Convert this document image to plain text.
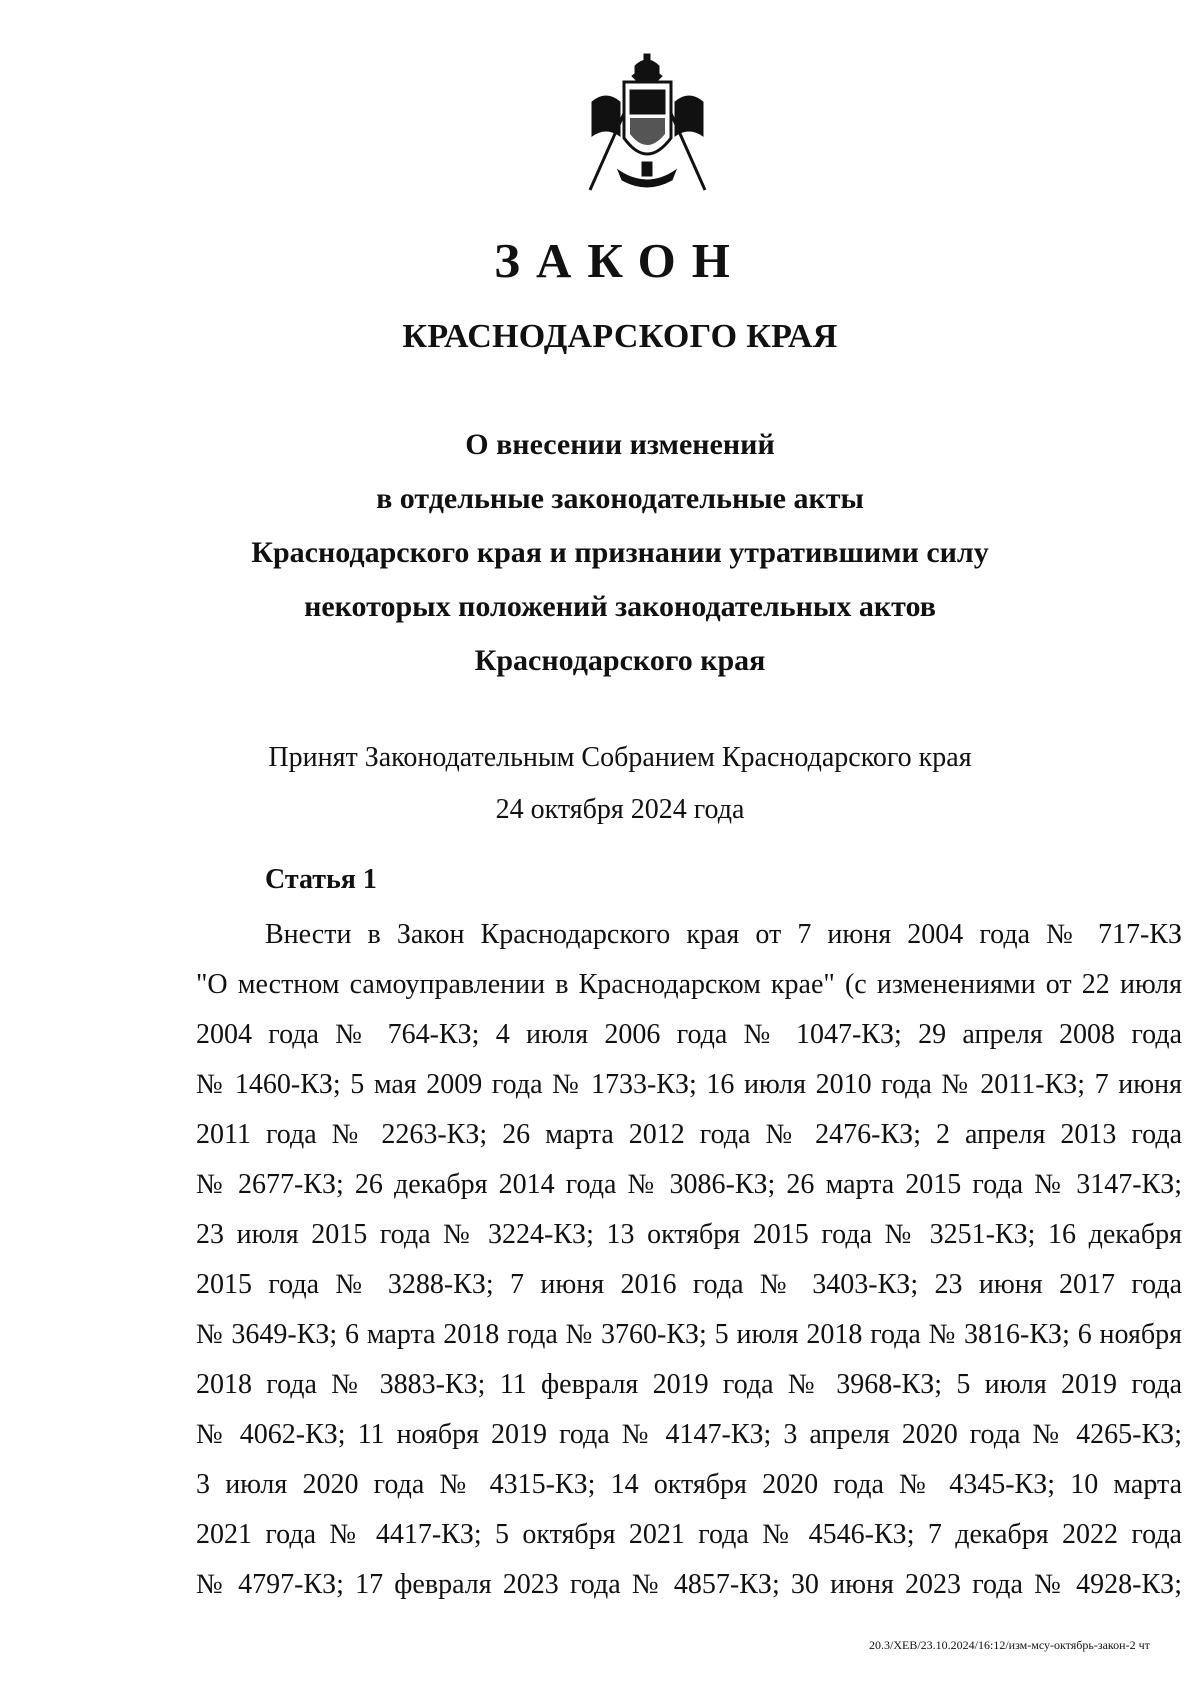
ЗАКОН
КРАСНОДАРСКОГО КРАЯ
О внесении изменений
в отдельные законодательные акты
Краснодарского края и признании утратившими силу
некоторых положений законодательных актов
Краснодарского края
Принят Законодательным Собранием Краснодарского края
24 октября 2024 года
Статья 1
Внести в Закон Краснодарского края от 7 июня 2004 года № 717-КЗ
"О местном самоуправлении в Краснодарском крае" (с изменениями от 22 июля
2004 года № 764-КЗ; 4 июля 2006 года № 1047-КЗ; 29 апреля 2008 года
№ 1460-КЗ; 5 мая 2009 года № 1733-КЗ; 16 июля 2010 года № 2011-КЗ; 7 июня
2011 года № 2263-КЗ; 26 марта 2012 года № 2476-КЗ; 2 апреля 2013 года
№ 2677-КЗ; 26 декабря 2014 года № 3086-КЗ; 26 марта 2015 года № 3147-КЗ;
23 июля 2015 года № 3224-КЗ; 13 октября 2015 года № 3251-КЗ; 16 декабря
2015 года № 3288-КЗ; 7 июня 2016 года № 3403-КЗ; 23 июня 2017 года
№ 3649-КЗ; 6 марта 2018 года № 3760-КЗ; 5 июля 2018 года № 3816-КЗ; 6 ноября
2018 года № 3883-КЗ; 11 февраля 2019 года № 3968-КЗ; 5 июля 2019 года
№ 4062-КЗ; 11 ноября 2019 года № 4147-КЗ; 3 апреля 2020 года № 4265-КЗ;
3 июля 2020 года № 4315-КЗ; 14 октября 2020 года № 4345-КЗ; 10 марта
2021 года № 4417-КЗ; 5 октября 2021 года № 4546-КЗ; 7 декабря 2022 года
№ 4797-КЗ; 17 февраля 2023 года № 4857-КЗ; 30 июня 2023 года № 4928-КЗ;
20.3/ХЕВ/23.10.2024/16:12/изм-мсу-октябрь-закон-2 чт
